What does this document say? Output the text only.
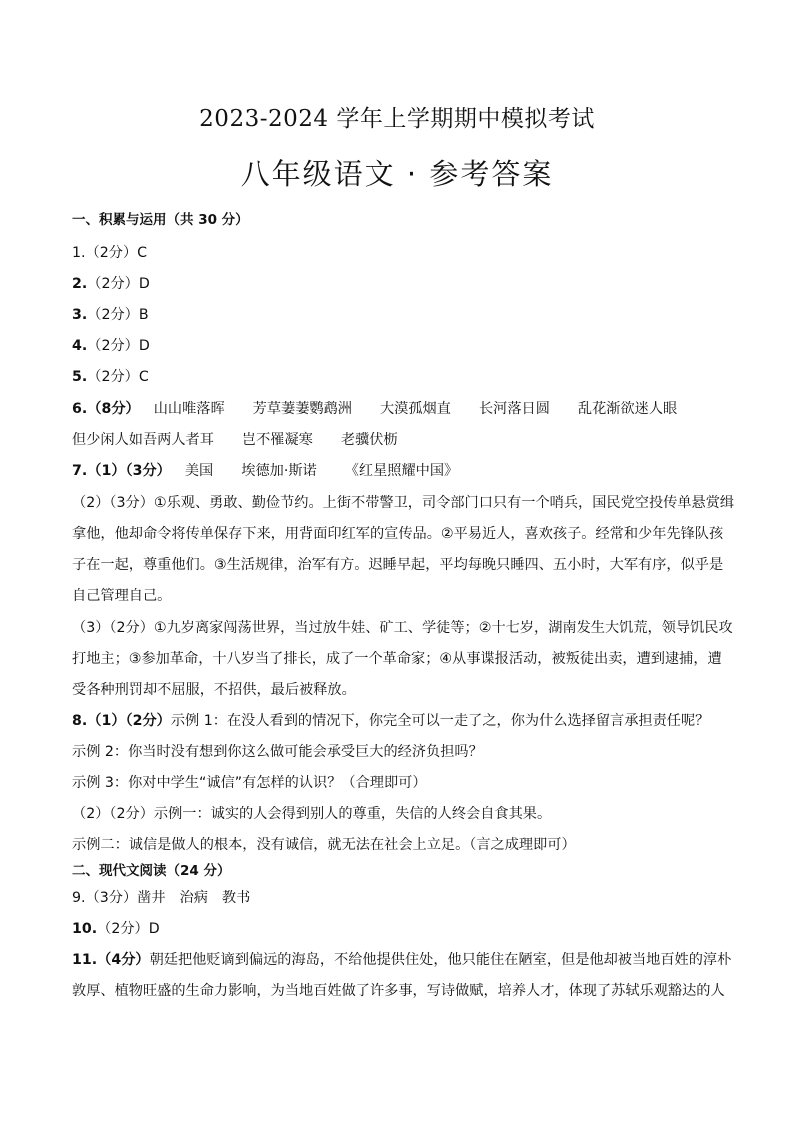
2023-2024 学年上学期期中模拟考试
八年级语文 · 参考答案
一、积累与运用（共 30 分）
1.（2分）C
2.（2分）D
3.（2分）B
4.（2分）D
5.（2分）C
6.（8分） 山山唯落晖 芳草萋萋鹦鹉洲 大漠孤烟直 长河落日圆 乱花渐欲迷人眼
但少闲人如吾两人者耳 岂不罹凝寒 老骥伏枥
7.（1）（3分） 美国 埃德加·斯诺 《红星照耀中国》
（2）（3分）①乐观、勇敢、勤俭节约。上街不带警卫，司令部门口只有一个哨兵，国民党空投传单悬赏缉
拿他，他却命令将传单保存下来，用背面印红军的宣传品。②平易近人，喜欢孩子。经常和少年先锋队孩
子在一起，尊重他们。③生活规律，治军有方。迟睡早起，平均每晚只睡四、五小时，大军有序，似乎是
自己管理自己。
（3）（2分）①九岁离家闯荡世界，当过放牛娃、矿工、学徒等；②十七岁，湖南发生大饥荒，领导饥民攻
打地主；③参加革命，十八岁当了排长，成了一个革命家；④从事谍报活动，被叛徒出卖，遭到逮捕，遭
受各种刑罚却不屈服，不招供，最后被释放。
8.（1）（2分）示例 1：在没人看到的情况下，你完全可以一走了之，你为什么选择留言承担责任呢？
示例 2：你当时没有想到你这么做可能会承受巨大的经济负担吗？
示例 3：你对中学生“诚信”有怎样的认识？（合理即可）
（2）（2分）示例一：诚实的人会得到别人的尊重，失信的人终会自食其果。
示例二：诚信是做人的根本，没有诚信，就无法在社会上立足。（言之成理即可）
二、现代文阅读（24 分）
9.（3分）凿井 治病 教书
10.（2分）D
11.（4分）朝廷把他贬谪到偏远的海岛，不给他提供住处，他只能住在陋室，但是他却被当地百姓的淳朴
敦厚、植物旺盛的生命力影响，为当地百姓做了许多事，写诗做赋，培养人才，体现了苏轼乐观豁达的人
